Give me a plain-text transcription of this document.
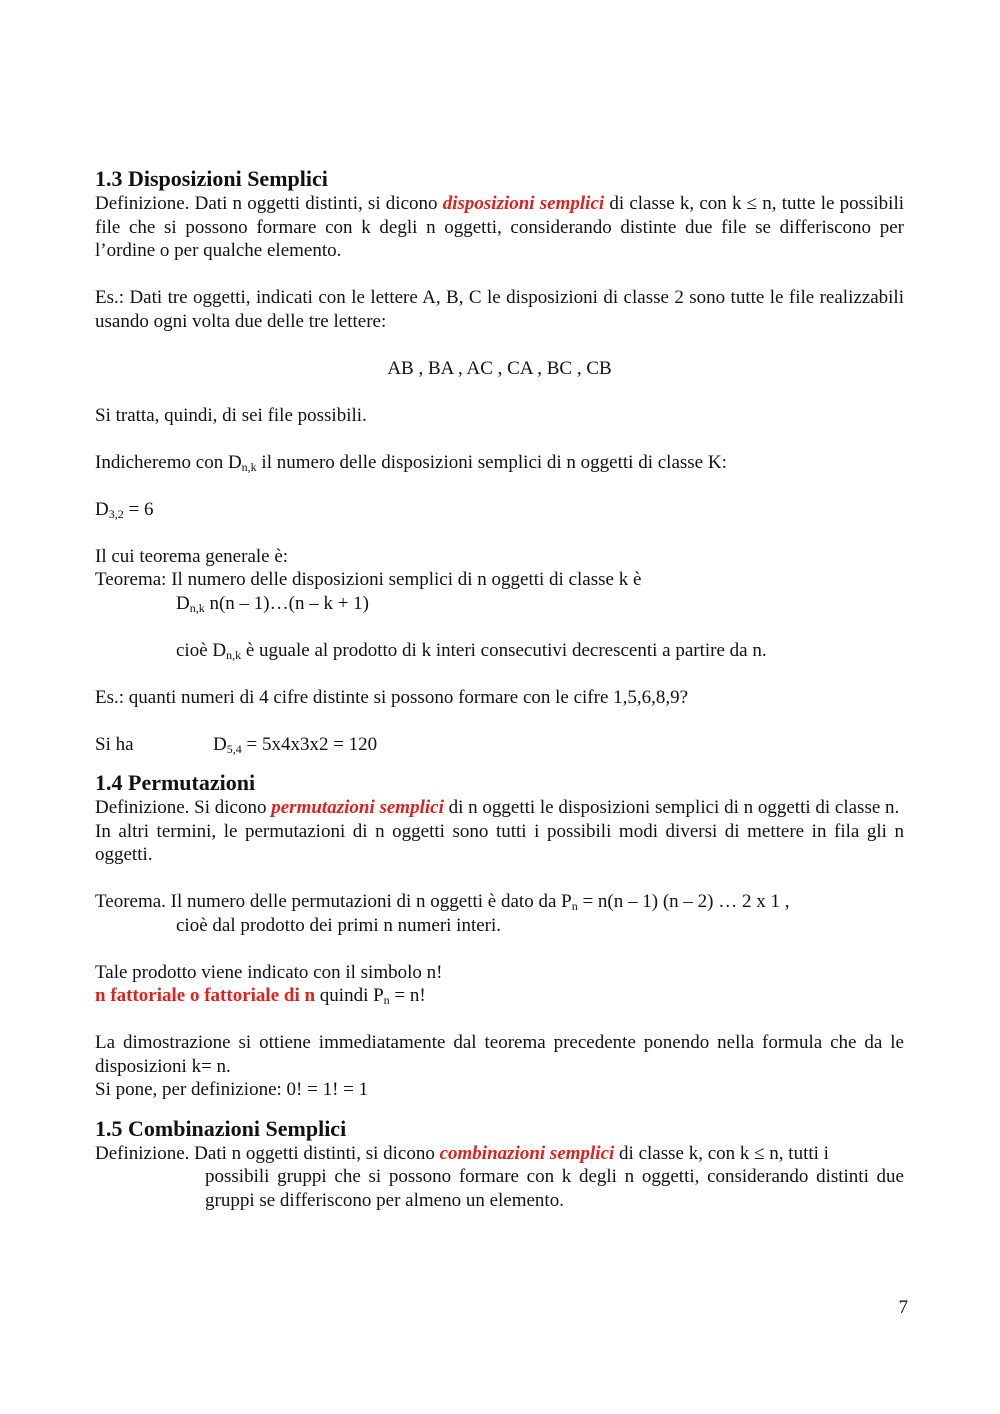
1.3 Disposizioni Semplici

Definizione. Dati n oggetti distinti, si dicono disposizioni semplici di classe k, con k ≤ n, tutte le possibili file che si possono formare con k degli n oggetti, considerando distinte due file se differiscono per l’ordine o per qualche elemento.

Es.: Dati tre oggetti, indicati con le lettere A, B, C le disposizioni di classe 2 sono tutte le file realizzabili usando ogni volta due delle tre lettere:

AB , BA , AC , CA , BC , CB

Si tratta, quindi, di sei file possibili.

Indicheremo con $D_{n,k}$ il numero delle disposizioni semplici di n oggetti di classe K:

$D_{3,2} = 6$

Il cui teorema generale è:

Teorema: Il numero delle disposizioni semplici di n oggetti di classe k è

$D_{n,k}$ n(n – 1)…(n – k + 1)

cioè $D_{n,k}$ è uguale al prodotto di k interi consecutivi decrescenti a partire da n.

Es.: quanti numeri di 4 cifre distinte si possono formare con le cifre 1,5,6,8,9?

Si ha	$D_{5,4} = 5x4x3x2 = 120$
1.4 Permutazioni

Definizione. Si dicono permutazioni semplici di n oggetti le disposizioni semplici di n oggetti di classe n.

In altri termini, le permutazioni di n oggetti sono tutti i possibili modi diversi di mettere in fila gli n oggetti.

Teorema. Il numero delle permutazioni di n oggetti è dato da $P_n = n(n - 1)$ (n – 2) … 2 x 1 ,

cioè dal prodotto dei primi n numeri interi.

Tale prodotto viene indicato con il simbolo n!

n fattoriale o fattoriale di n quindi $P_n = n$!

La dimostrazione si ottiene immediatamente dal teorema precedente ponendo nella formula che da le disposizioni k= n.

Si pone, per definizione: 0! = 1! = 1

1.5 Combinazioni Semplici

Definizione. Dati n oggetti distinti, si dicono combinazioni semplici di classe k, con k ≤ n, tutti i

possibili gruppi che si possono formare con k degli n oggetti, considerando distinti due gruppi se differiscono per almeno un elemento.

7
